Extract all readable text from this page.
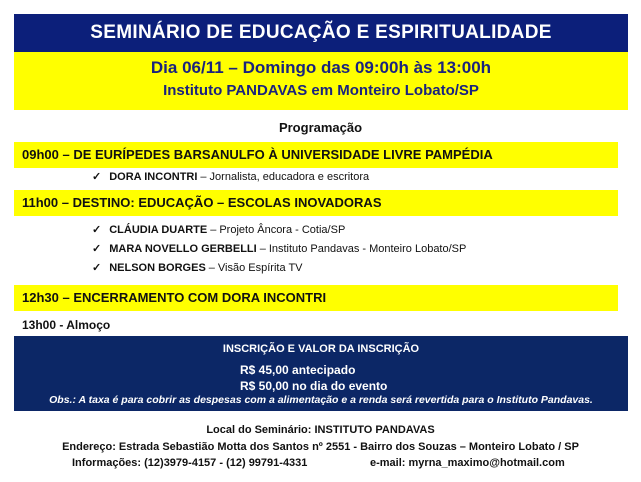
SEMINÁRIO DE EDUCAÇÃO E ESPIRITUALIDADE
Dia 06/11 – Domingo das 09:00h às 13:00h
Instituto PANDAVAS em Monteiro Lobato/SP
Programação
09h00 – DE EURÍPEDES BARSANULFO À UNIVERSIDADE LIVRE PAMPÉDIA
✓ DORA INCONTRI – Jornalista, educadora e escritora
11h00 – DESTINO: EDUCAÇÃO – ESCOLAS INOVADORAS
✓ CLÁUDIA DUARTE – Projeto Âncora - Cotia/SP
✓ MARA NOVELLO GERBELLI – Instituto Pandavas - Monteiro Lobato/SP
✓ NELSON BORGES – Visão Espírita TV
12h30 – ENCERRAMENTO COM DORA INCONTRI
13h00 - Almoço
INSCRIÇÃO E VALOR DA INSCRIÇÃO
R$ 45,00 antecipado
R$ 50,00 no dia do evento
Obs.: A taxa é para cobrir as despesas com a alimentação e a renda será revertida para o Instituto Pandavas.
Local do Seminário: INSTITUTO PANDAVAS
Endereço: Estrada Sebastião Motta dos Santos nº 2551 - Bairro dos Souzas – Monteiro Lobato / SP
Informações: (12)3979-4157 - (12) 99791-4331	e-mail: myrna_maximo@hotmail.com
